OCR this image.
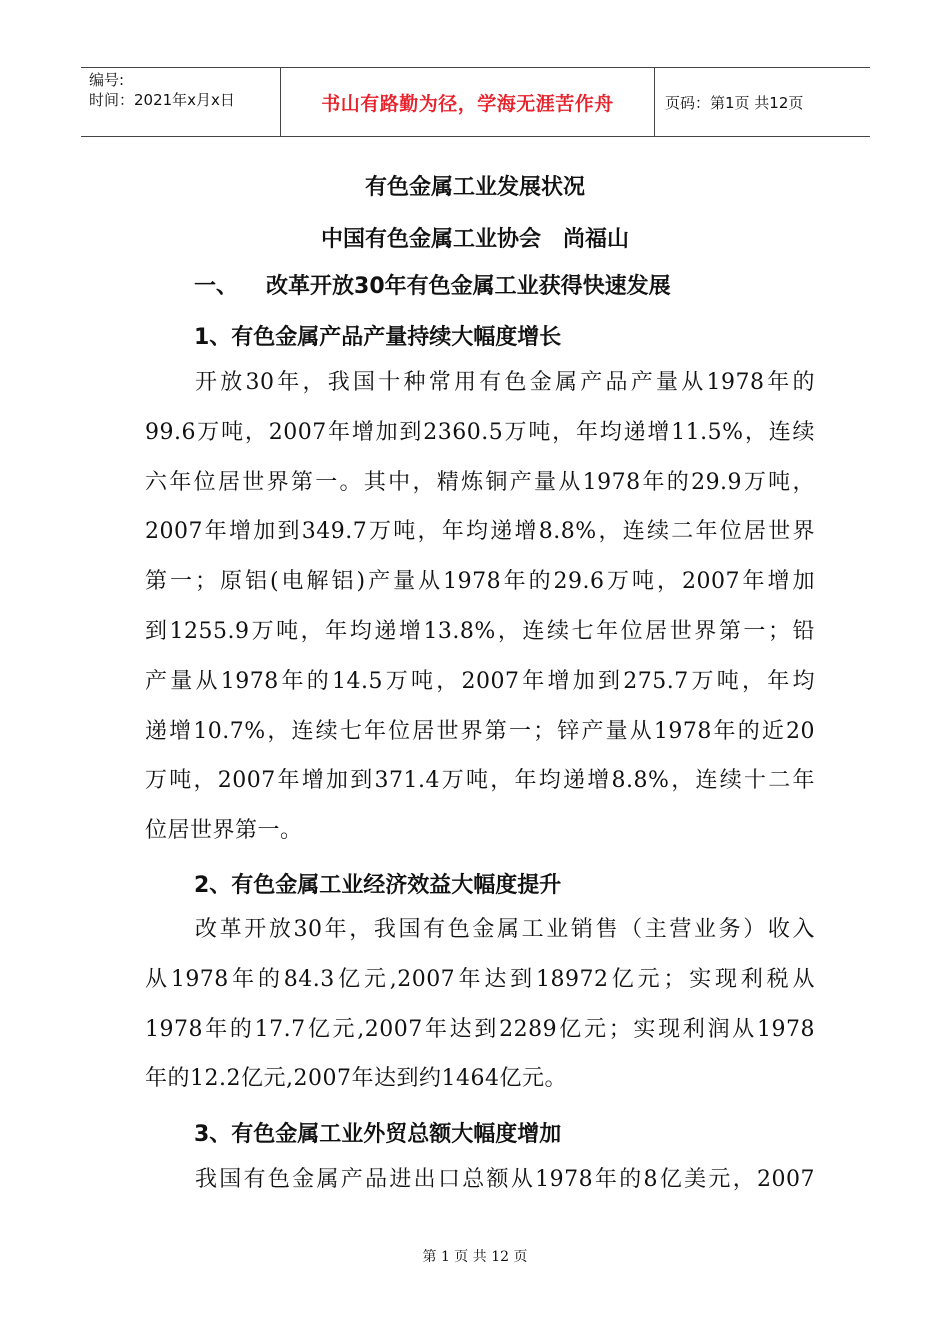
编号:
时间：2021年x月x日	书山有路勤为径，学海无涯苦作舟	页码：第1页 共12页
有色金属工业发展状况
中国有色金属工业协会　尚福山
一、 改革开放30年有色金属工业获得快速发展
1、有色金属产品产量持续大幅度增长
开放30年，我国十种常用有色金属产品产量从1978年的
99.6万吨，2007年增加到2360.5万吨，年均递增11.5%，连续
六年位居世界第一。其中，精炼铜产量从1978年的29.9万吨，
2007年增加到349.7万吨，年均递增8.8%，连续二年位居世界
第一；原铝(电解铝)产量从1978年的29.6万吨，2007年增加
到1255.9万吨，年均递增13.8%，连续七年位居世界第一；铅
产量从1978年的14.5万吨，2007年增加到275.7万吨，年均
递增10.7%，连续七年位居世界第一；锌产量从1978年的近20
万吨，2007年增加到371.4万吨，年均递增8.8%，连续十二年
位居世界第一。
2、有色金属工业经济效益大幅度提升
改革开放30年，我国有色金属工业销售（主营业务）收入
从1978年的84.3亿元,2007年达到18972亿元；实现利税从
1978年的17.7亿元,2007年达到2289亿元；实现利润从1978
年的12.2亿元,2007年达到约1464亿元。
3、有色金属工业外贸总额大幅度增加
我国有色金属产品进出口总额从1978年的8亿美元，2007
第 1 页 共 12 页
